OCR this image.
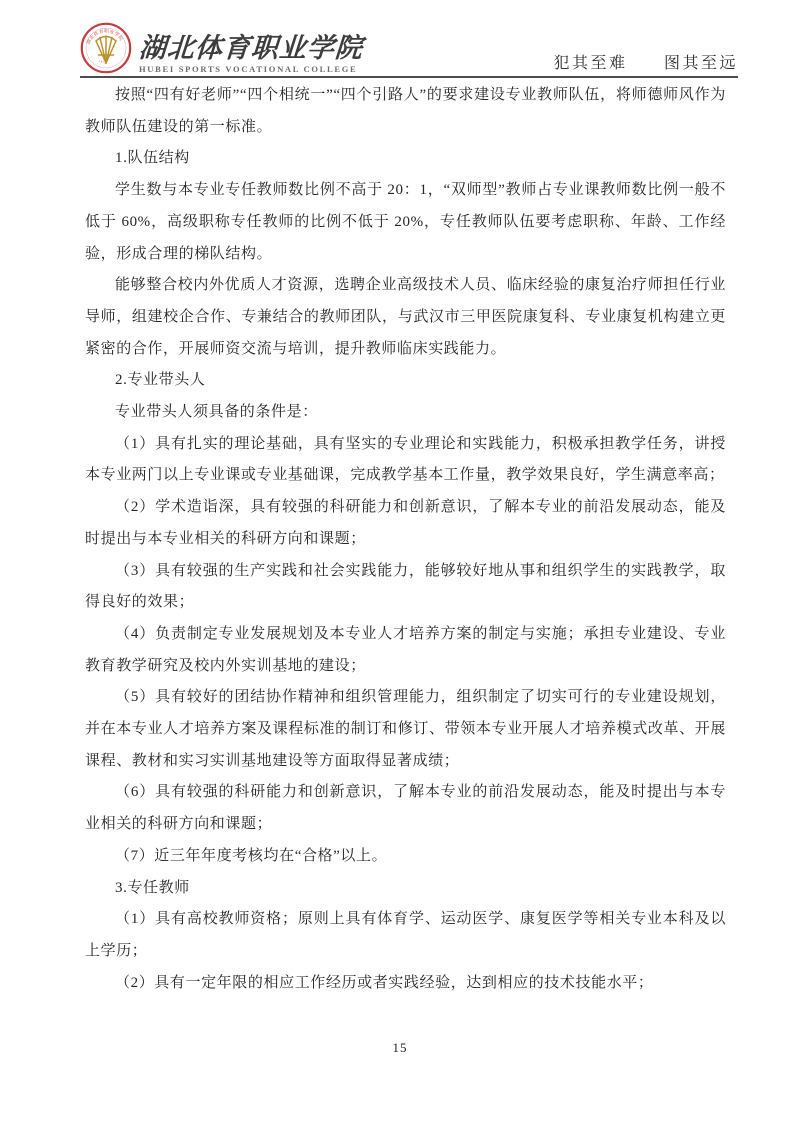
湖北体育职业学院
1972 湖北体育职业学院
HUBEI SPORTS VOCATIONAL COLLEGE	犯其至难 图其至远

按照“四有好老师”“四个相统一”“四个引路人”的要求建设专业教师队伍，将师德师风作为教师队伍建设的第一标准。

1.队伍结构

学生数与本专业专任教师数比例不高于 20：1，“双师型”教师占专业课教师数比例一般不低于 60%，高级职称专任教师的比例不低于 20%，专任教师队伍要考虑职称、年龄、工作经验，形成合理的梯队结构。

能够整合校内外优质人才资源，选聘企业高级技术人员、临床经验的康复治疗师担任行业导师，组建校企合作、专兼结合的教师团队，与武汉市三甲医院康复科、专业康复机构建立更紧密的合作，开展师资交流与培训，提升教师临床实践能力。

2.专业带头人

专业带头人须具备的条件是：

（1）具有扎实的理论基础，具有坚实的专业理论和实践能力，积极承担教学任务，讲授本专业两门以上专业课或专业基础课，完成教学基本工作量，教学效果良好，学生满意率高；

（2）学术造诣深，具有较强的科研能力和创新意识，了解本专业的前沿发展动态，能及时提出与本专业相关的科研方向和课题；

（3）具有较强的生产实践和社会实践能力，能够较好地从事和组织学生的实践教学，取得良好的效果；

（4）负责制定专业发展规划及本专业人才培养方案的制定与实施；承担专业建设、专业教育教学研究及校内外实训基地的建设；

（5）具有较好的团结协作精神和组织管理能力，组织制定了切实可行的专业建设规划，并在本专业人才培养方案及课程标准的制订和修订、带领本专业开展人才培养模式改革、开展课程、教材和实习实训基地建设等方面取得显著成绩；

（6）具有较强的科研能力和创新意识，了解本专业的前沿发展动态，能及时提出与本专业相关的科研方向和课题；

（7）近三年年度考核均在“合格”以上。

3.专任教师

（1）具有高校教师资格；原则上具有体育学、运动医学、康复医学等相关专业本科及以上学历；

（2）具有一定年限的相应工作经历或者实践经验，达到相应的技术技能水平；

15
